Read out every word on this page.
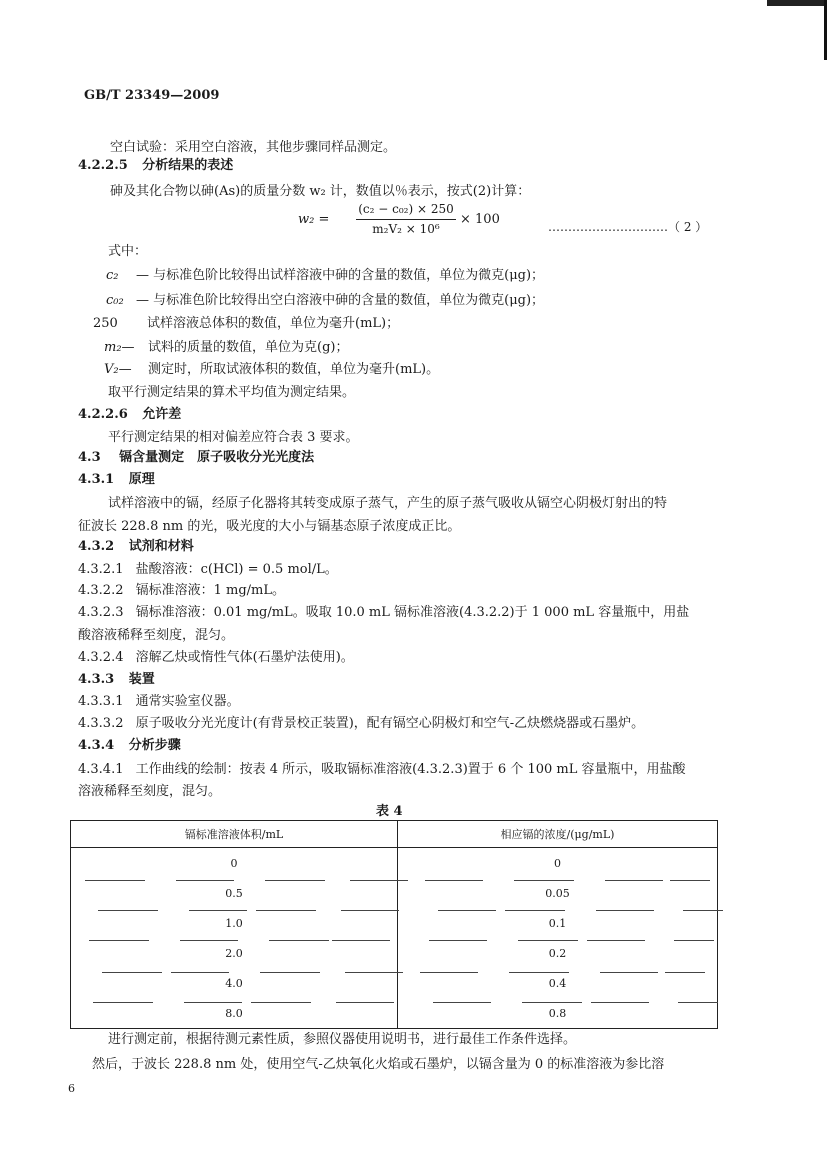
GB/T 23349—2009
空白试验：采用空白溶液，其他步骤同样品测定。
4.2.2.5 分析结果的表述
砷及其化合物以砷(As)的质量分数 w₂ 计，数值以％表示，按式(2)计算：
w₂ =
(c₂ − c₀₂) × 250
m₂V₂ × 10⁶
× 100	…………………………（ 2 ）
式中：
c₂ — 与标准色阶比较得出试样溶液中砷的含量的数值，单位为微克(μg)；
c₀₂ — 与标准色阶比较得出空白溶液中砷的含量的数值，单位为微克(μg)；
250 试样溶液总体积的数值，单位为毫升(mL)；
m₂— 试料的质量的数值，单位为克(g)；
V₂— 测定时，所取试液体积的数值，单位为毫升(mL)。
取平行测定结果的算术平均值为测定结果。
4.2.2.6 允许差
平行测定结果的相对偏差应符合表 3 要求。
4.3 镉含量测定　原子吸收分光光度法
4.3.1 原理
试样溶液中的镉，经原子化器将其转变成原子蒸气，产生的原子蒸气吸收从镉空心阴极灯射出的特
征波长 228.8 nm 的光，吸光度的大小与镉基态原子浓度成正比。
4.3.2 试剂和材料
4.3.2.1 盐酸溶液：c(HCl) = 0.5 mol/L。
4.3.2.2 镉标准溶液：1 mg/mL。
4.3.2.3 镉标准溶液：0.01 mg/mL。吸取 10.0 mL 镉标准溶液(4.3.2.2)于 1 000 mL 容量瓶中，用盐
酸溶液稀释至刻度，混匀。
4.3.2.4 溶解乙炔或惰性气体(石墨炉法使用)。
4.3.3 装置
4.3.3.1 通常实验室仪器。
4.3.3.2 原子吸收分光光度计(有背景校正装置)，配有镉空心阴极灯和空气-乙炔燃烧器或石墨炉。
4.3.4 分析步骤
4.3.4.1 工作曲线的绘制：按表 4 所示，吸取镉标准溶液(4.3.2.3)置于 6 个 100 mL 容量瓶中，用盐酸
溶液稀释至刻度，混匀。
表 4
镉标准溶液体积/mL	相应镉的浓度/(μg/mL)
0	0
0.5	0.05
1.0	0.1
2.0	0.2
4.0	0.4
8.0	0.8
进行测定前，根据待测元素性质，参照仪器使用说明书，进行最佳工作条件选择。
然后，于波长 228.8 nm 处，使用空气-乙炔氧化火焰或石墨炉，以镉含量为 0 的标准溶液为参比溶
6
